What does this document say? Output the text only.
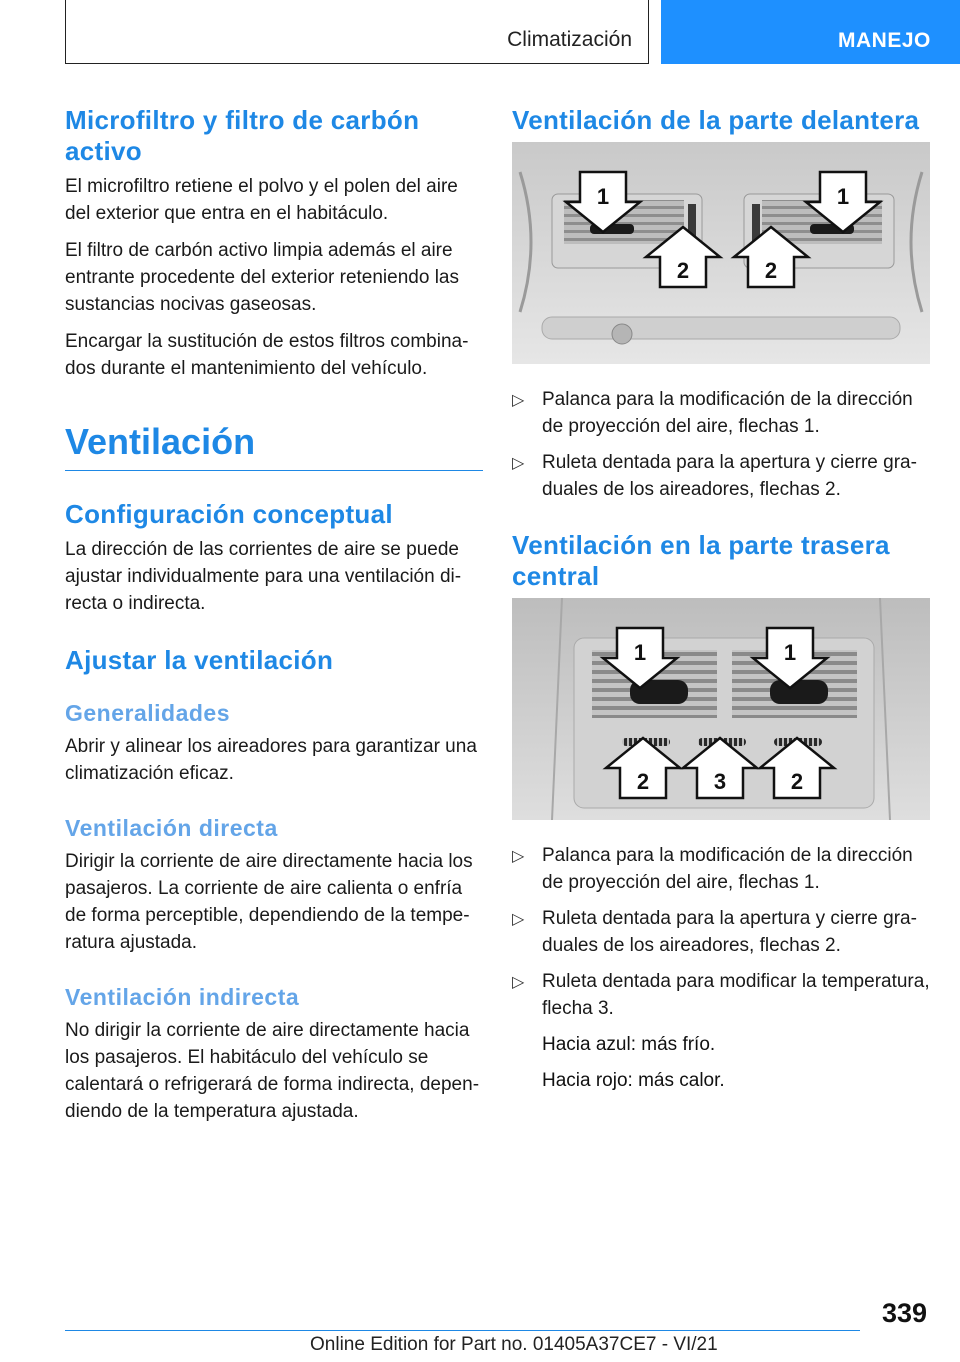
Climatización	MANEJO
Microfiltro y filtro de carbón activo

El microfiltro retiene el polvo y el polen del aire del exterior que entra en el habitáculo.

El filtro de carbón activo limpia además el aire entrante procedente del exterior reteniendo las sustancias nocivas gaseosas.

Encargar la sustitución de estos filtros combinados durante el mantenimiento del vehículo.

Ventilación
Configuración conceptual

La dirección de las corrientes de aire se puede ajustar individualmente para una ventilación directa o indirecta.

Ajustar la ventilación
Generalidades

Abrir y alinear los aireadores para garantizar una climatización eficaz.

Ventilación directa

Dirigir la corriente de aire directamente hacia los pasajeros. La corriente de aire calienta o enfría de forma perceptible, dependiendo de la temperatura ajustada.

Ventilación indirecta

No dirigir la corriente de aire directamente hacia los pasajeros. El habitáculo del vehículo se calentará o refrigerará de forma indirecta, dependiendo de la temperatura ajustada.

Ventilación de la parte delantera
1	1
2	2
▷ Palanca para la modificación de la dirección de proyección del aire, flechas 1.
▷ Ruleta dentada para la apertura y cierre graduales de los aireadores, flechas 2.
Ventilación en la parte trasera central
1	1
2	3	2
▷ Palanca para la modificación de la dirección de proyección del aire, flechas 1.
▷ Ruleta dentada para la apertura y cierre graduales de los aireadores, flechas 2.
▷ Ruleta dentada para modificar la temperatura, flecha 3.
Hacia azul: más frío.
Hacia rojo: más calor.
339
Online Edition for Part no. 01405A37CE7 - VI/21
